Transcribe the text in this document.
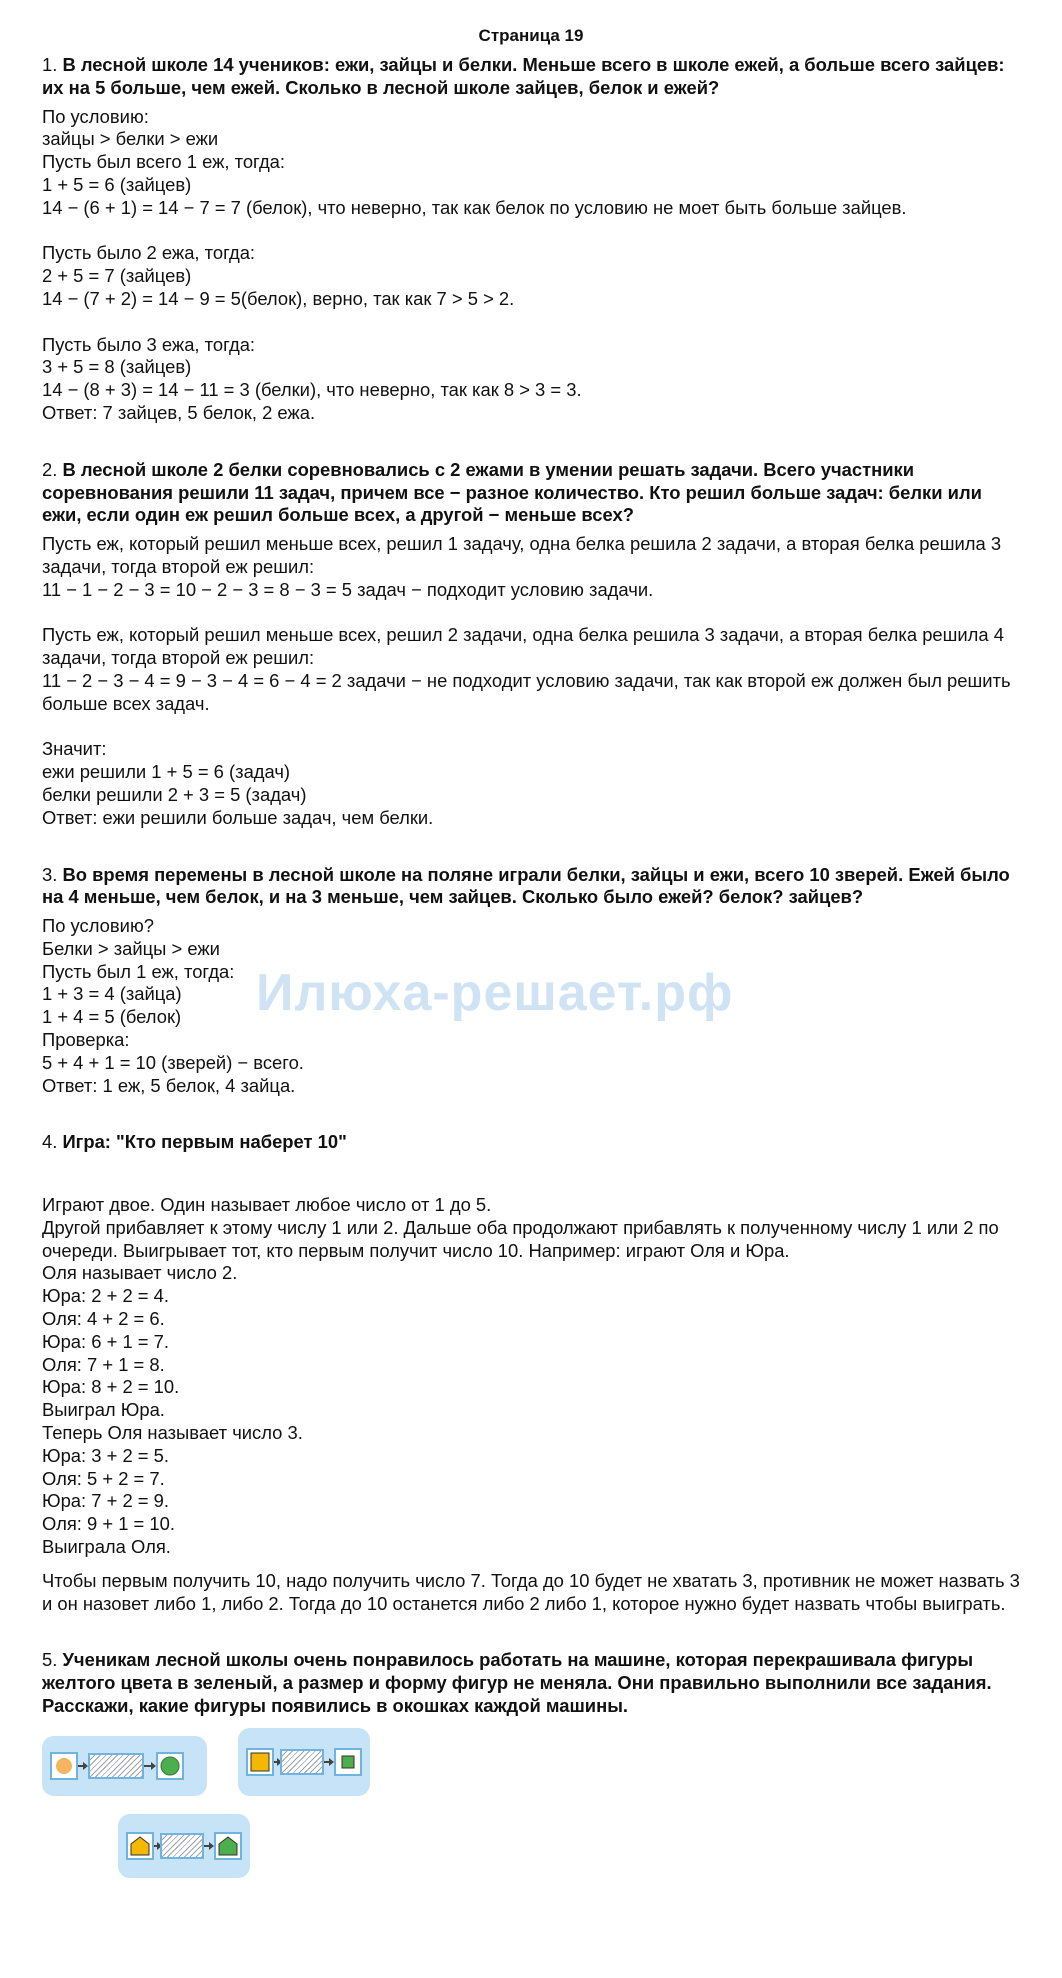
Страница 19
Илюха-решает.рф

1. В лесной школе 14 учеников: ежи, зайцы и белки. Меньше всего в школе ежей, а больше всего зайцев: их на 5 больше, чем ежей. Сколько в лесной школе зайцев, белок и ежей?

По условию:
зайцы > белки > ежи
Пусть был всего 1 еж, тогда:
1 + 5 = 6 (зайцев)
14 − (6 + 1) = 14 − 7 = 7 (белок), что неверно, так как белок по условию не моет быть больше зайцев.
Пусть было 2 ежа, тогда:
2 + 5 = 7 (зайцев)
14 − (7 + 2) = 14 − 9 = 5(белок), верно, так как 7 > 5 > 2.
Пусть было 3 ежа, тогда:
3 + 5 = 8 (зайцев)
14 − (8 + 3) = 14 − 11 = 3 (белки), что неверно, так как 8 > 3 = 3.
Ответ: 7 зайцев, 5 белок, 2 ежа.

2. В лесной школе 2 белки соревновались с 2 ежами в умении решать задачи. Всего участники соревнования решили 11 задач, причем все − разное количество. Кто решил больше задач: белки или ежи, если один еж решил больше всех, а другой − меньше всех?

Пусть еж, который решил меньше всех, решил 1 задачу, одна белка решила 2 задачи, а вторая белка решила 3 задачи, тогда второй еж решил:
11 − 1 − 2 − 3 = 10 − 2 − 3 = 8 − 3 = 5 задач − подходит условию задачи.
Пусть еж, который решил меньше всех, решил 2 задачи, одна белка решила 3 задачи, а вторая белка решила 4 задачи, тогда второй еж решил:
11 − 2 − 3 − 4 = 9 − 3 − 4 = 6 − 4 = 2 задачи − не подходит условию задачи, так как второй еж должен был решить больше всех задач.
Значит:
ежи решили 1 + 5 = 6 (задач)
белки решили 2 + 3 = 5 (задач)
Ответ: ежи решили больше задач, чем белки.

3. Во время перемены в лесной школе на поляне играли белки, зайцы и ежи, всего 10 зверей. Ежей было на 4 меньше, чем белок, и на 3 меньше, чем зайцев. Сколько было ежей? белок? зайцев?

По условию?
Белки > зайцы > ежи
Пусть был 1 еж, тогда:
1 + 3 = 4 (зайца)
1 + 4 = 5 (белок)
Проверка:
5 + 4 + 1 = 10 (зверей) − всего.
Ответ: 1 еж, 5 белок, 4 зайца.

4. Игра: "Кто первым наберет 10"

Играют двое. Один называет любое число от 1 до 5.
Другой прибавляет к этому числу 1 или 2. Дальше оба продолжают прибавлять к полученному числу 1 или 2 по очереди. Выигрывает тот, кто первым получит число 10. Например: играют Оля и Юра.
Оля называет число 2.
Юра: 2 + 2 = 4.
Оля: 4 + 2 = 6.
Юра: 6 + 1 = 7.
Оля: 7 + 1 = 8.
Юра: 8 + 2 = 10.
Выиграл Юра.
Теперь Оля называет число 3.
Юра: 3 + 2 = 5.
Оля: 5 + 2 = 7.
Юра: 7 + 2 = 9.
Оля: 9 + 1 = 10.
Выиграла Оля.
Чтобы первым получить 10, надо получить число 7. Тогда до 10 будет не хватать 3, противник не может назвать 3 и он назовет либо 1, либо 2. Тогда до 10 останется либо 2 либо 1, которое нужно будет назвать чтобы выиграть.

5. Ученикам лесной школы очень понравилось работать на машине, которая перекрашивала фигуры желтого цвета в зеленый, а размер и форму фигур не меняла. Они правильно выполнили все задания. Расскажи, какие фигуры появились в окошках каждой машины.
